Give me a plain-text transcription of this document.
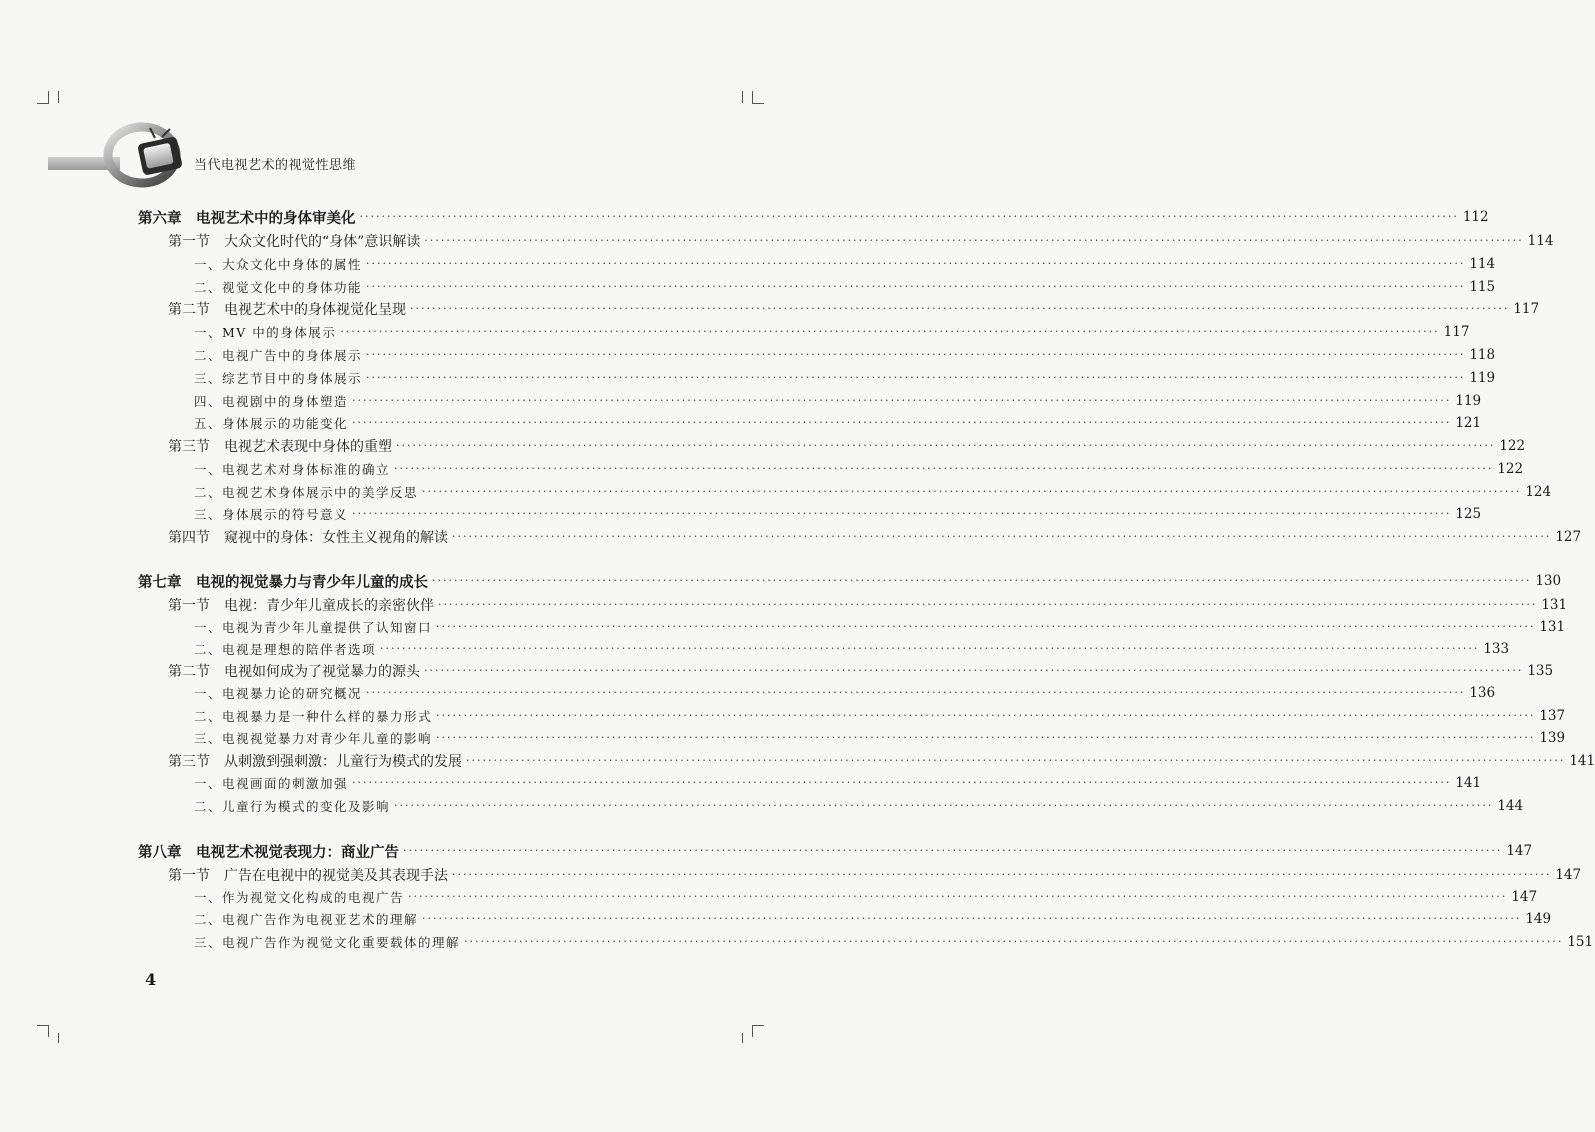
当代电视艺术的视觉性思维
第六章　电视艺术中的身体审美化 ········································································································································································································ 112
第一节　大众文化时代的“身体”意识解读 ········································································································································································································ 114
一、大众文化中身体的属性 ········································································································································································································ 114
二、视觉文化中的身体功能 ········································································································································································································ 115
第二节　电视艺术中的身体视觉化呈现 ········································································································································································································ 117
一、MV 中的身体展示 ········································································································································································································ 117
二、电视广告中的身体展示 ········································································································································································································ 118
三、综艺节目中的身体展示 ········································································································································································································ 119
四、电视剧中的身体塑造 ········································································································································································································ 119
五、身体展示的功能变化 ········································································································································································································ 121
第三节　电视艺术表现中身体的重塑 ········································································································································································································ 122
一、电视艺术对身体标准的确立 ········································································································································································································ 122
二、电视艺术身体展示中的美学反思 ········································································································································································································ 124
三、身体展示的符号意义 ········································································································································································································ 125
第四节　窥视中的身体：女性主义视角的解读 ········································································································································································································ 127
第七章　电视的视觉暴力与青少年儿童的成长 ········································································································································································································ 130
第一节　电视：青少年儿童成长的亲密伙伴 ········································································································································································································ 131
一、电视为青少年儿童提供了认知窗口 ········································································································································································································ 131
二、电视是理想的陪伴者选项 ········································································································································································································ 133
第二节　电视如何成为了视觉暴力的源头 ········································································································································································································ 135
一、电视暴力论的研究概况 ········································································································································································································ 136
二、电视暴力是一种什么样的暴力形式 ········································································································································································································ 137
三、电视视觉暴力对青少年儿童的影响 ········································································································································································································ 139
第三节　从刺激到强刺激：儿童行为模式的发展 ········································································································································································································ 141
一、电视画面的刺激加强 ········································································································································································································ 141
二、儿童行为模式的变化及影响 ········································································································································································································ 144
第八章　电视艺术视觉表现力：商业广告 ········································································································································································································ 147
第一节　广告在电视中的视觉美及其表现手法 ········································································································································································································ 147
一、作为视觉文化构成的电视广告 ········································································································································································································ 147
二、电视广告作为电视亚艺术的理解 ········································································································································································································ 149
三、电视广告作为视觉文化重要载体的理解 ········································································································································································································ 151
4
